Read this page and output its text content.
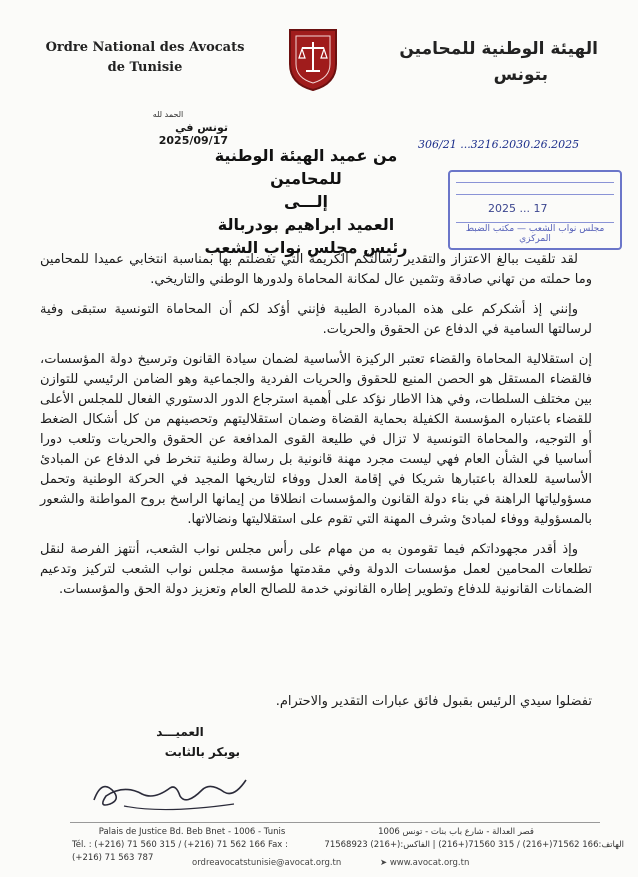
Ordre National des Avocats
de Tunisie
الهيئة الوطنية للمحامين
بتونس
الحمد لله
تونس في 2025/09/17	306/21 ...3216.2030.26.2025
2025 ... 17
مجلس نواب الشعب — مكتب الضبط المركزي
من عميد الهيئة الوطنية للمحامين
إلـــى
العميد ابراهيم بودربالة
رئيس مجلس نواب الشعب

لقد تلقيت ببالغ الاعتزاز والتقدير رسالتكم الكريمة التي تفضلتم بها بمناسبة انتخابي عميدا للمحامين وما حملته من تهاني صادقة وتثمين عال لمكانة المحاماة ولدورها الوطني والتاريخي.

وإنني إذ أشكركم على هذه المبادرة الطيبة فإنني أؤكد لكم أن المحاماة التونسية ستبقى وفية لرسالتها السامية في الدفاع عن الحقوق والحريات.

إن استقلالية المحاماة والقضاء تعتبر الركيزة الأساسية لضمان سيادة القانون وترسيخ دولة المؤسسات، فالقضاء المستقل هو الحصن المنيع للحقوق والحريات الفردية والجماعية وهو الضامن الرئيسي للتوازن بين مختلف السلطات، وفي هذا الاطار نؤكد على أهمية استرجاع الدور الدستوري الفعال للمجلس الأعلى للقضاء باعتباره المؤسسة الكفيلة بحماية القضاة وضمان استقلاليتهم وتحصينهم من كل أشكال الضغط أو التوجيه، والمحاماة التونسية لا تزال في طليعة القوى المدافعة عن الحقوق والحريات وتلعب دورا أساسيا في الشأن العام فهي ليست مجرد مهنة قانونية بل رسالة وطنية تنخرط في الدفاع عن المبادئ الأساسية للعدالة باعتبارها شريكا في إقامة العدل ووفاء لتاريخها المجيد في الحركة الوطنية وتحمل مسؤولياتها الراهنة في بناء دولة القانون والمؤسسات انطلاقا من إيمانها الراسخ بروح المواطنة والشعور بالمسؤولية ووفاء لمبادئ وشرف المهنة التي تقوم على استقلاليتها ونضالاتها.

وإذ أقدر مجهوداتكم فيما تقومون به من مهام على رأس مجلس نواب الشعب، أنتهز الفرصة لنقل تطلعات المحامين لعمل مؤسسات الدولة وفي مقدمتها مؤسسة مجلس نواب الشعب لتركيز وتدعيم الضمانات القانونية للدفاع وتطوير إطاره القانوني خدمة للصالح العام وتعزيز دولة الحق والمؤسسات.

تفضلوا سيدي الرئيس بقبول فائق عبارات التقدير والاحترام.
العميـــد
بوبكر بالثابت
Palais de Justice Bd. Beb Bnet - 1006 - Tunis
Tél. : (+216) 71 560 315 / (+216) 71 562 166 Fax : (+216) 71 563 787
قصر العدالة - شارع باب بنات - تونس 1006
الهاتف:166 71562(+216) / 315 71560(+216) | الفاكس:(+216) 71568923
ordreavocatstunisie@avocat.org.tn	➤ www.avocat.org.tn
